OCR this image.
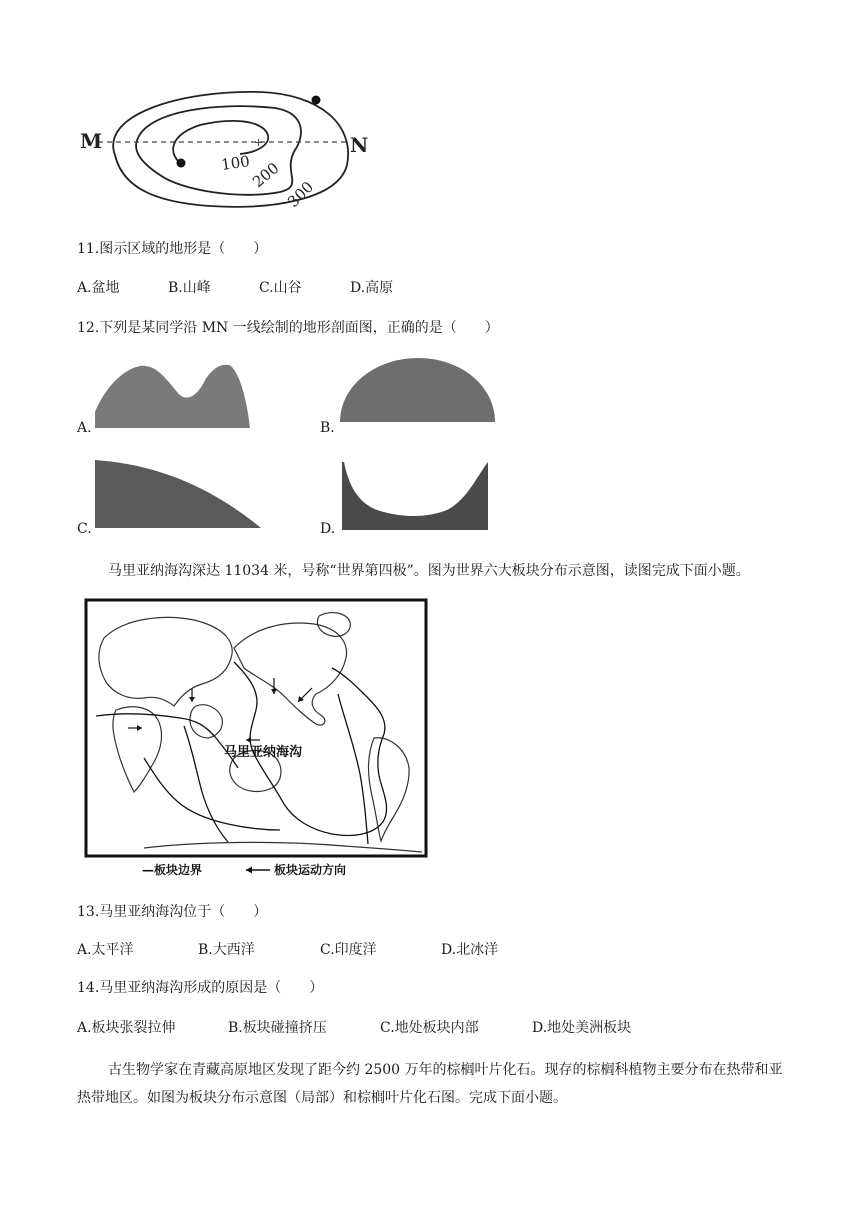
+
M	N
100
200
300
11.图示区域的地形是（　　）
A.盆地	B.山峰	C.山谷	D.高原
12.下列是某同学沿 MN 一线绘制的地形剖面图，正确的是（　　）
A.	B.
C.	D.
马里亚纳海沟深达 11034 米，号称“世界第四极”。图为世界六大板块分布示意图，读图完成下面小题。
马里亚纳海沟
—板块边界	板块运动方向
13.马里亚纳海沟位于（　　）
A.太平洋	B.大西洋	C.印度洋	D.北冰洋
14.马里亚纳海沟形成的原因是（　　）
A.板块张裂拉伸	B.板块碰撞挤压	C.地处板块内部	D.地处美洲板块
古生物学家在青藏高原地区发现了距今约 2500 万年的棕榈叶片化石。现存的棕榈科植物主要分布在热带和亚热带地区。如图为板块分布示意图（局部）和棕榈叶片化石图。完成下面小题。
